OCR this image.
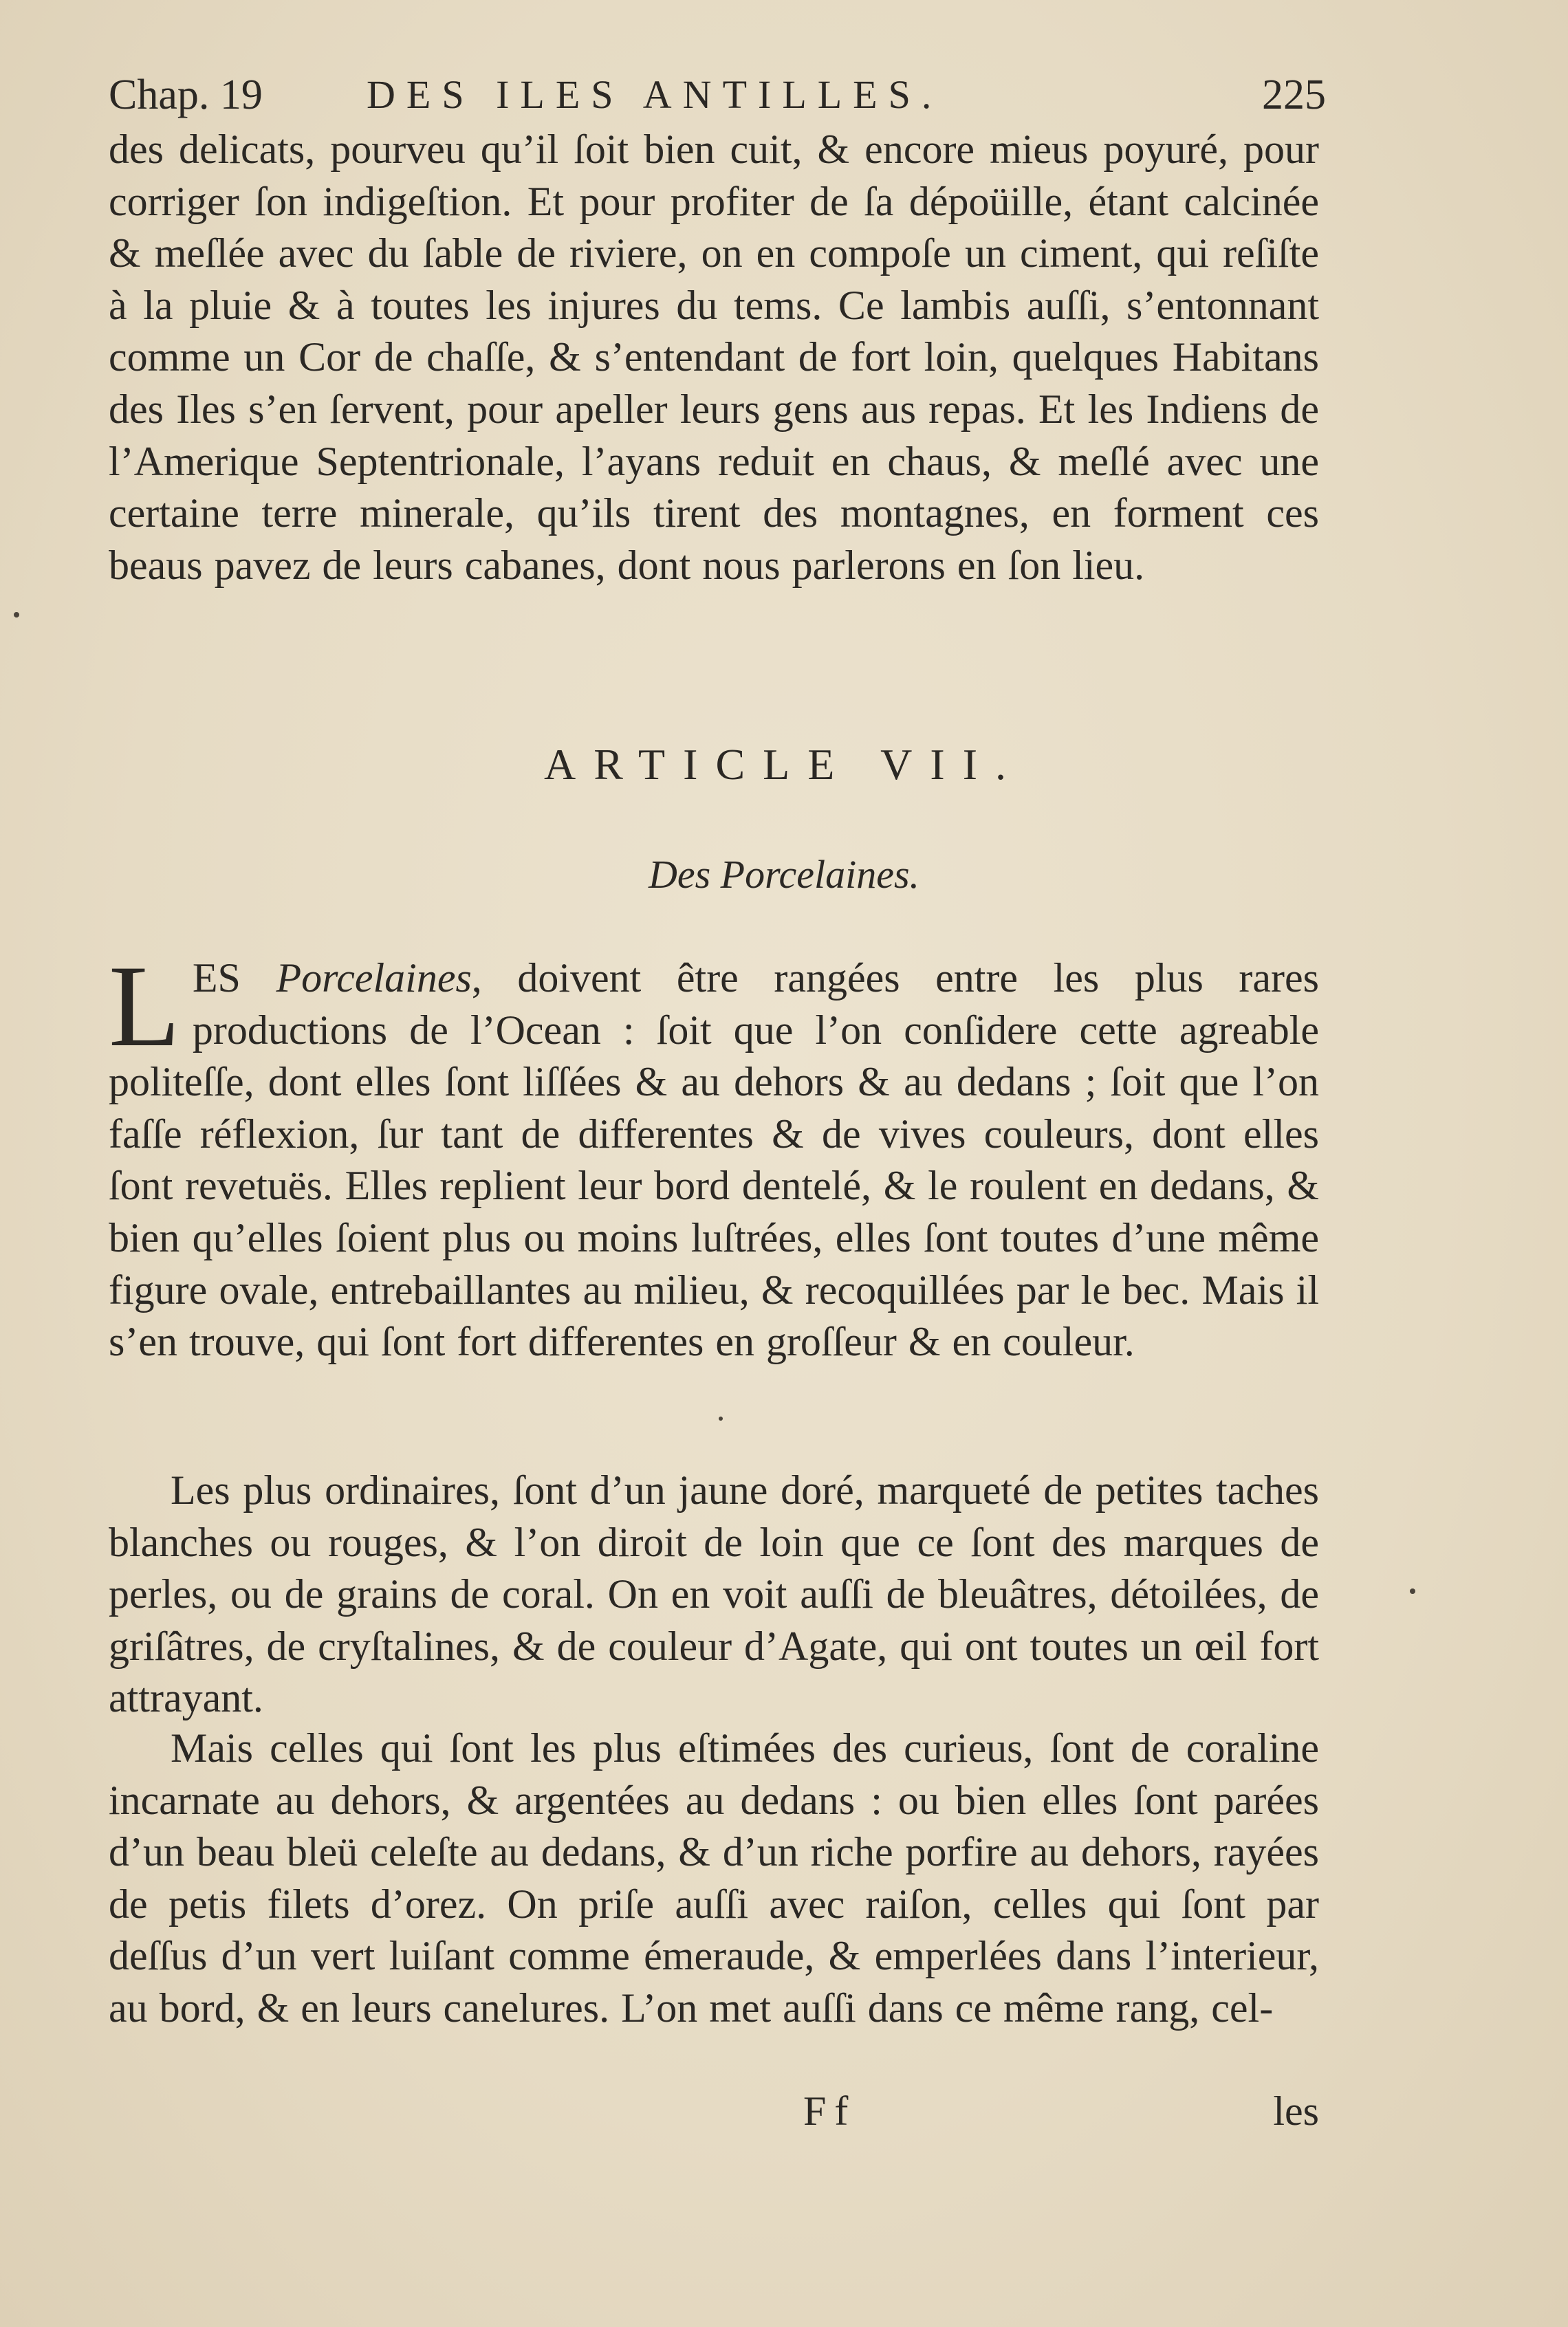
Chap. 19	DES ILES ANTILLES.	225

des delicats, pourveu qu’il ſoit bien cuit, & encore mieus poyuré, pour corriger ſon indigeſtion. Et pour profiter de ſa dépoüille, étant calcinée & meſlée avec du ſable de riviere, on en compoſe un ciment, qui reſiſte à la pluie & à toutes les injures du tems. Ce lambis auſſi, s’entonnant comme un Cor de chaſſe, & s’entendant de fort loin, quelques Habitans des Iles s’en ſervent, pour apeller leurs gens aus repas. Et les Indiens de l’Amerique Septentrionale, l’ayans reduit en chaus, & meſlé avec une certaine terre minerale, qu’ils tirent des montagnes, en forment ces beaus pavez de leurs cabanes, dont nous parlerons en ſon lieu.

ARTICLE VII.
Des Porcelaines.

LES Porcelaines, doivent être rangées entre les plus rares productions de l’Ocean : ſoit que l’on conſidere cette agreable politeſſe, dont elles ſont liſſées & au dehors & au dedans ; ſoit que l’on faſſe réflexion, ſur tant de differentes & de vives couleurs, dont elles ſont revetuës. Elles replient leur bord dentelé, & le roulent en dedans, & bien qu’elles ſoient plus ou moins luſtrées, elles ſont toutes d’une même figure ovale, entrebaillantes au milieu, & recoquillées par le bec. Mais il s’en trouve, qui ſont fort differentes en groſſeur & en couleur.

Les plus ordinaires, ſont d’un jaune doré, marqueté de petites taches blanches ou rouges, & l’on diroit de loin que ce ſont des marques de perles, ou de grains de coral. On en voit auſſi de bleuâtres, détoilées, de griſâtres, de cryſtalines, & de couleur d’Agate, qui ont toutes un œil fort attrayant.

Mais celles qui ſont les plus eſtimées des curieus, ſont de coraline incarnate au dehors, & argentées au dedans : ou bien elles ſont parées d’un beau bleü celeſte au dedans, & d’un riche porfire au dehors, rayées de petis filets d’orez. On priſe auſſi avec raiſon, celles qui ſont par deſſus d’un vert luiſant comme émeraude, & emperlées dans l’interieur, au bord, & en leurs canelures. L’on met auſſi dans ce même rang, cel-

Ff	les
